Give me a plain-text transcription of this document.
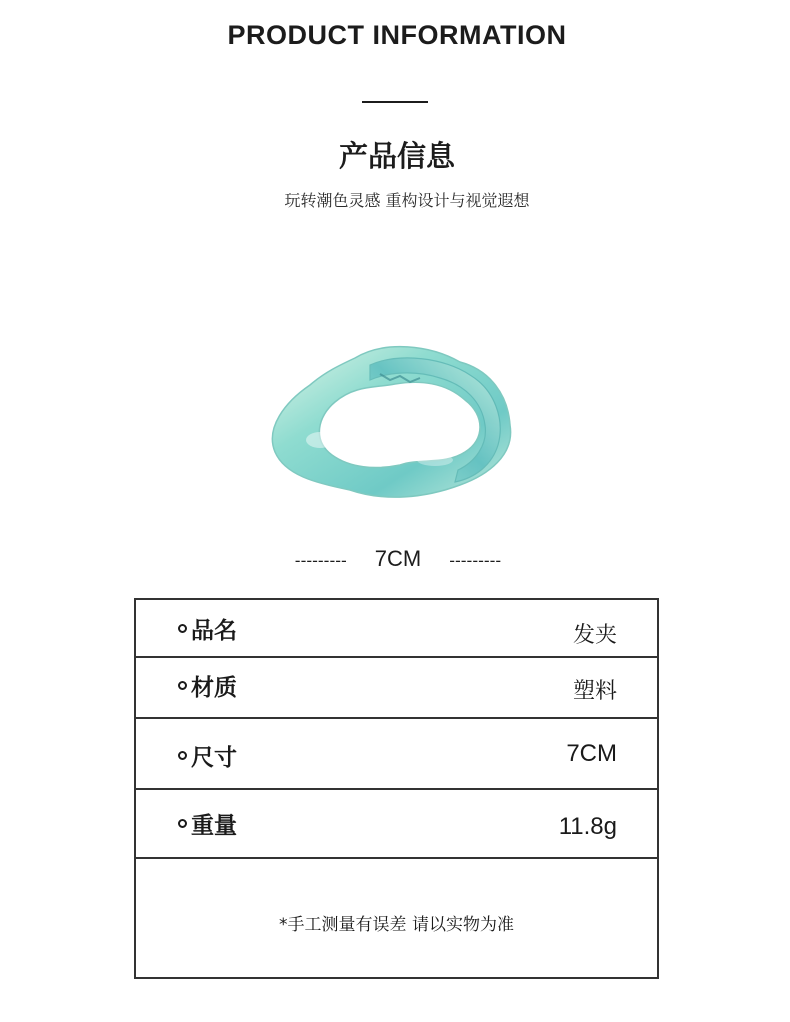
PRODUCT INFORMATION
产品信息
玩转潮色灵感 重构设计与视觉遐想
--------- 7CM ---------
品名	发夹
材质	塑料
尺寸	7CM
重量	11.8g
*手工测量有误差 请以实物为准
